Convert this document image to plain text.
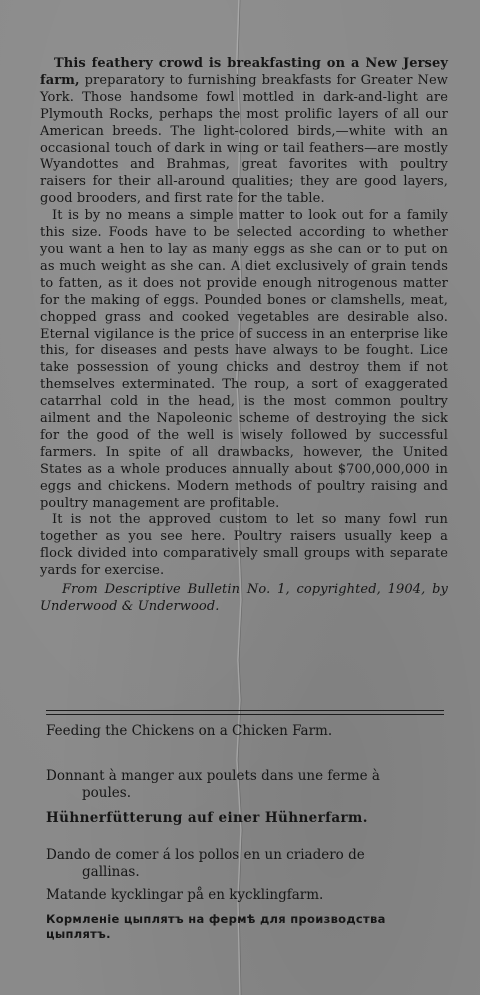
This feathery crowd is breakfasting on a New Jersey farm, preparatory to furnishing breakfasts for Greater New York. Those handsome fowl mottled in dark-and-light are Plymouth Rocks, perhaps the most prolific layers of all our American breeds. The light-colored birds,—white with an occasional touch of dark in wing or tail feathers—are mostly Wyandottes and Brahmas, great favorites with poultry raisers for their all-around qualities; they are good layers, good brooders, and first rate for the table.

It is by no means a simple matter to look out for a family this size. Foods have to be selected according to whether you want a hen to lay as many eggs as she can or to put on as much weight as she can. A diet exclusively of grain tends to fatten, as it does not provide enough nitrogenous matter for the making of eggs. Pounded bones or clamshells, meat, chopped grass and cooked vegetables are desirable also. Eternal vigilance is the price of success in an enterprise like this, for diseases and pests have always to be fought. Lice take possession of young chicks and destroy them if not themselves exterminated. The roup, a sort of exaggerated catarrhal cold in the head, is the most common poultry ailment and the Napoleonic scheme of destroying the sick for the good of the well is wisely followed by successful farmers. In spite of all drawbacks, however, the United States as a whole produces annually about $700,000,000 in eggs and chickens. Modern methods of poultry raising and poultry management are profitable.

It is not the approved custom to let so many fowl run together as you see here. Poultry raisers usually keep a flock divided into comparatively small groups with separate yards for exercise.

From Descriptive Bulletin No. 1, copyrighted, 1904, by Underwood & Underwood.

Feeding the Chickens on a Chicken Farm.

Donnant à manger aux poulets dans une ferme à
poules.

Hühnerfütterung auf einer Hühnerfarm.

Dando de comer á los pollos en un criadero de
gallinas.

Matande kycklingar på en kycklingfarm.

Кормленіе цыплятъ на фермѣ для производства
цыплятъ.
